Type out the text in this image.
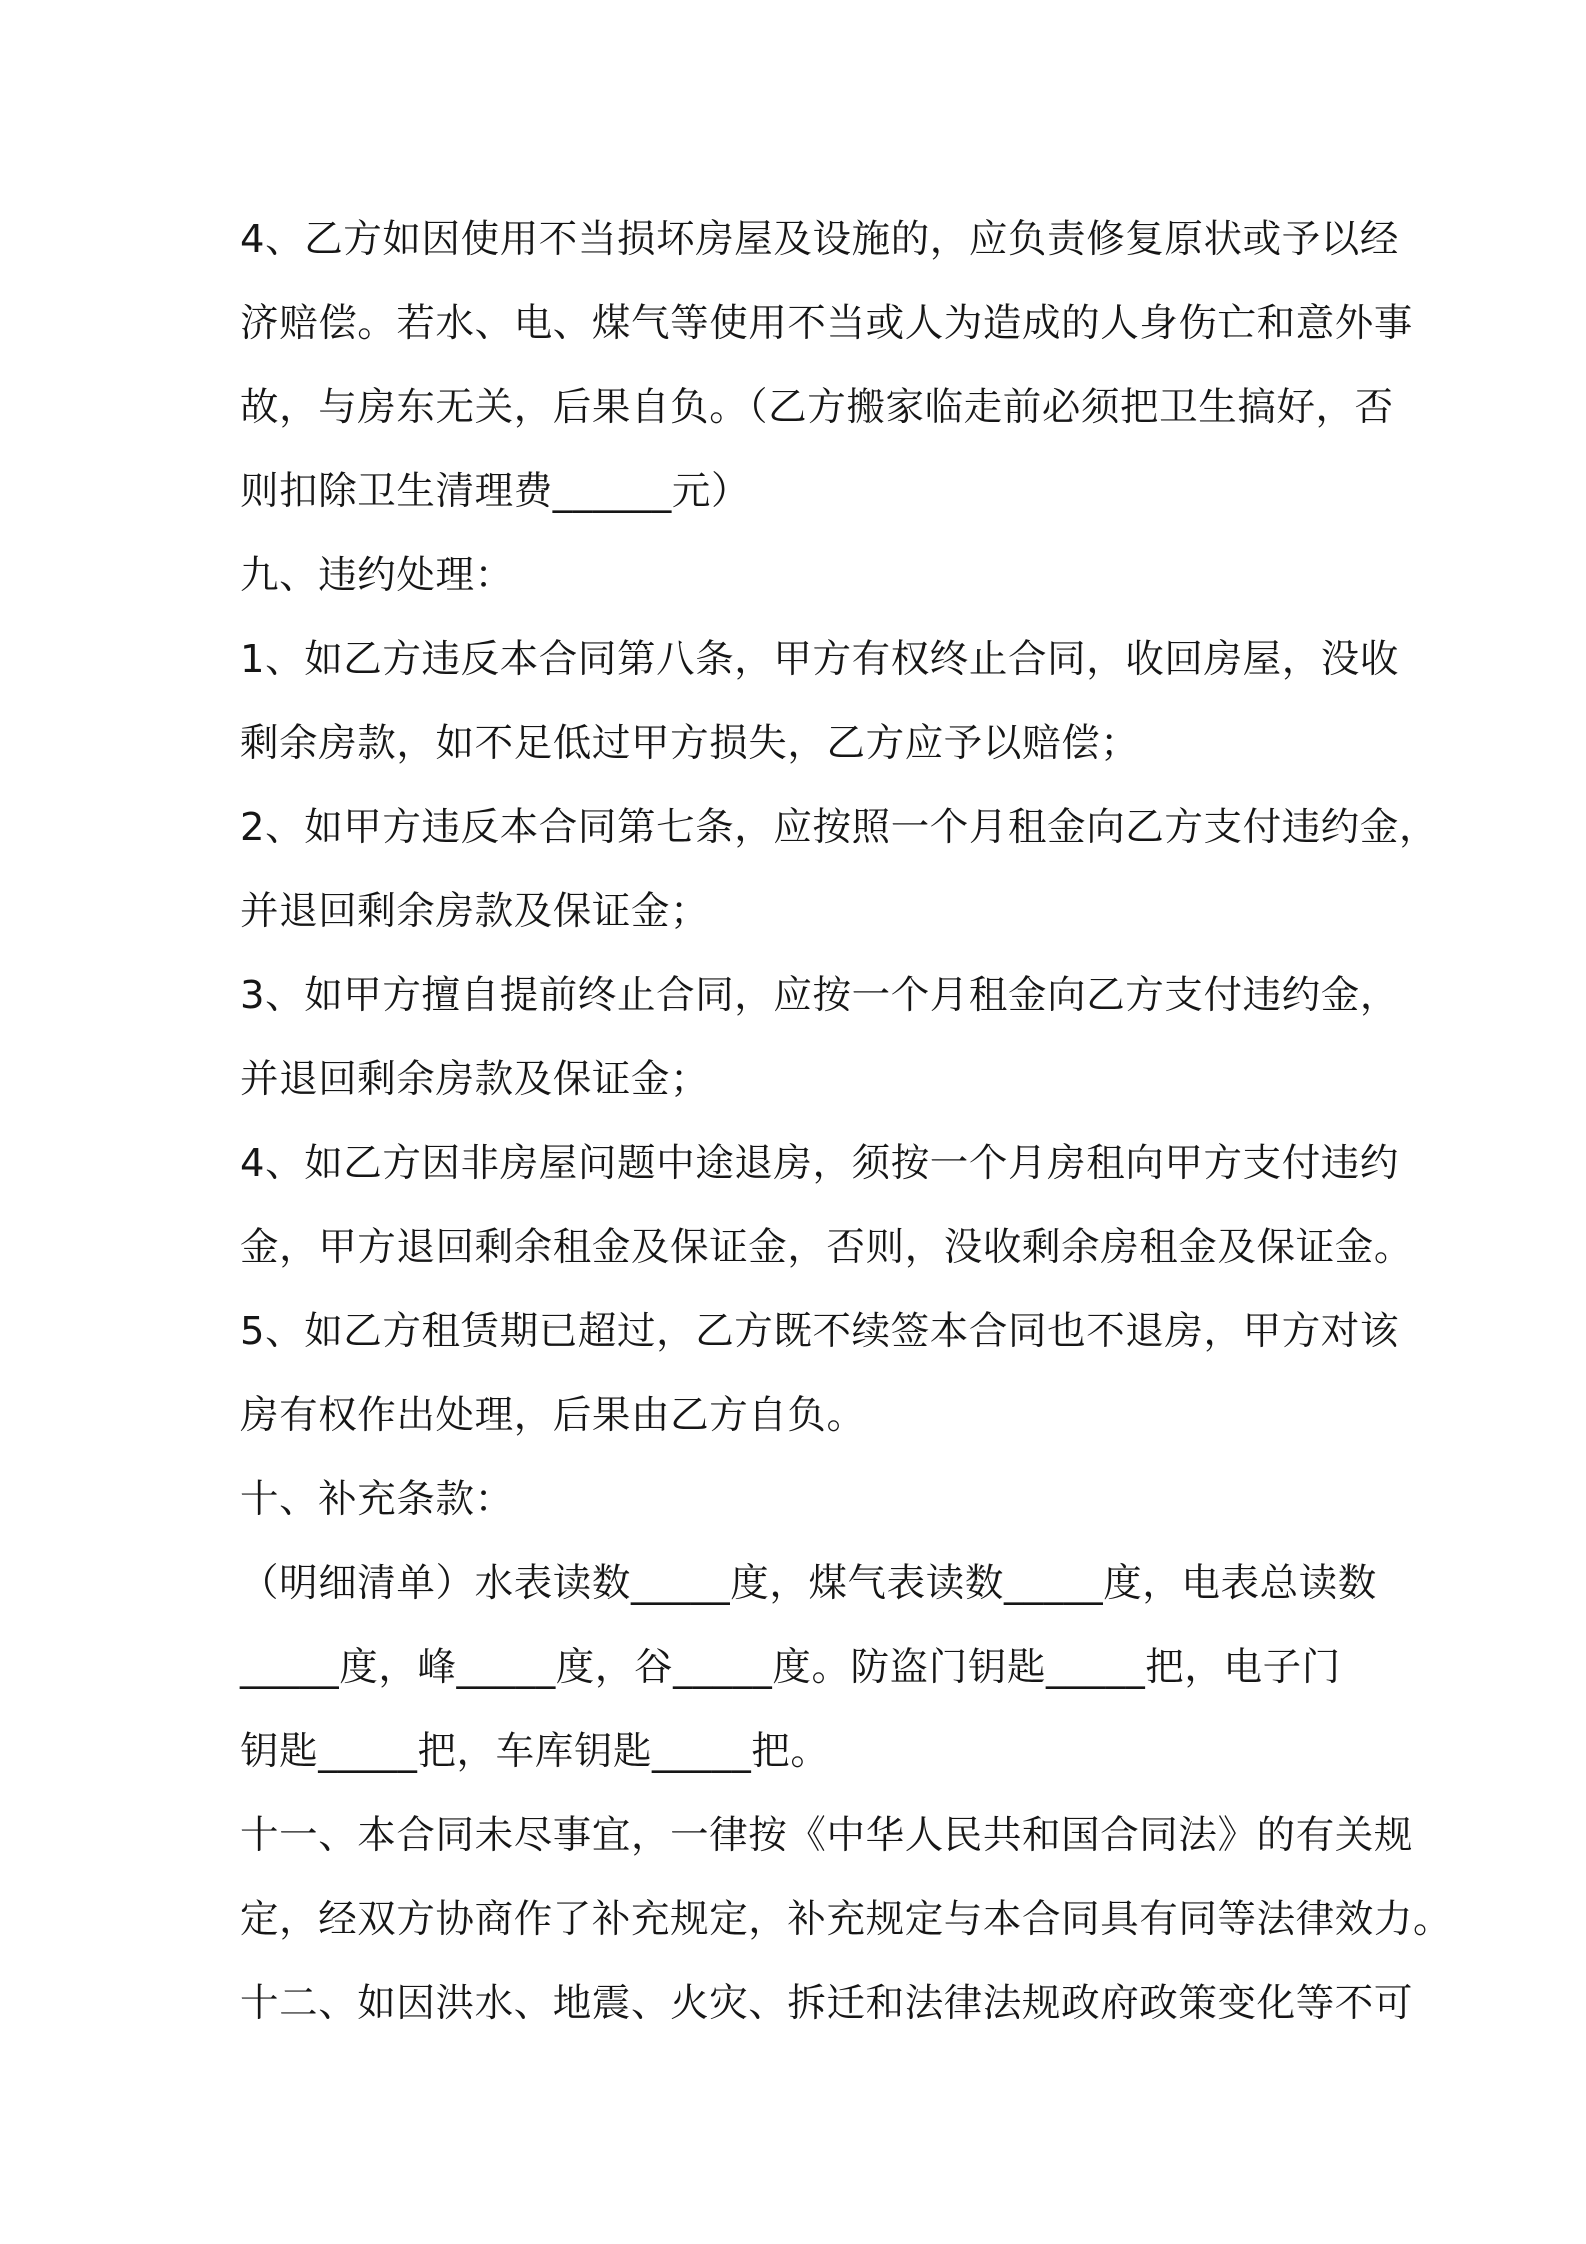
4、乙方如因使用不当损坏房屋及设施的，应负责修复原状或予以经
济赔偿。若水、电、煤气等使用不当或人为造成的人身伤亡和意外事
故，与房东无关，后果自负。（乙方搬家临走前必须把卫生搞好，否
则扣除卫生清理费______元）
九、违约处理：
1、如乙方违反本合同第八条，甲方有权终止合同，收回房屋，没收
剩余房款，如不足低过甲方损失，乙方应予以赔偿；
2、如甲方违反本合同第七条，应按照一个月租金向乙方支付违约金，
并退回剩余房款及保证金；
3、如甲方擅自提前终止合同，应按一个月租金向乙方支付违约金，
并退回剩余房款及保证金；
4、如乙方因非房屋问题中途退房，须按一个月房租向甲方支付违约
金，甲方退回剩余租金及保证金，否则，没收剩余房租金及保证金。
5、如乙方租赁期已超过，乙方既不续签本合同也不退房，甲方对该
房有权作出处理，后果由乙方自负。
十、补充条款：
（明细清单）水表读数_____度，煤气表读数_____度，电表总读数
_____度，峰_____度，谷_____度。防盗门钥匙_____把，电子门
钥匙_____把，车库钥匙_____把。
十一、本合同未尽事宜，一律按《中华人民共和国合同法》的有关规
定，经双方协商作了补充规定，补充规定与本合同具有同等法律效力。
十二、如因洪水、地震、火灾、拆迁和法律法规政府政策变化等不可
